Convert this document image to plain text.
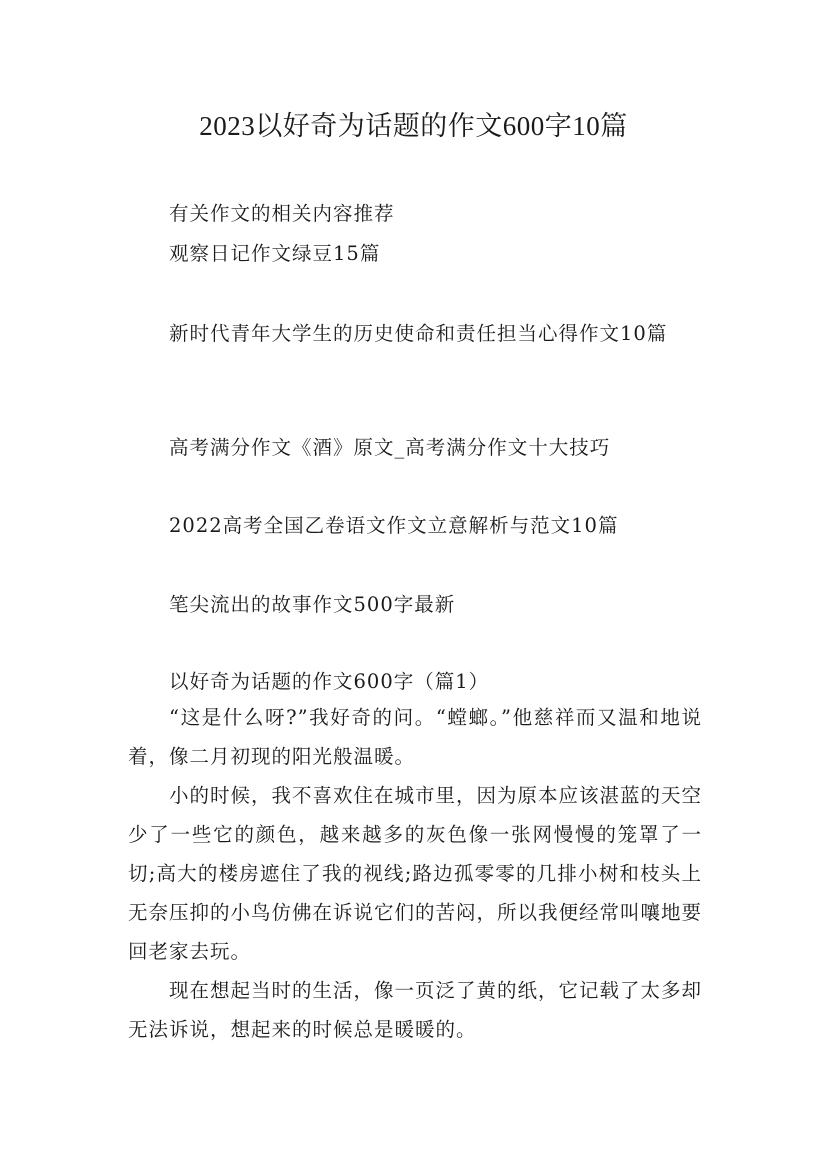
2023以好奇为话题的作文600字10篇
有关作文的相关内容推荐
观察日记作文绿豆15篇
新时代青年大学生的历史使命和责任担当心得作文10篇
高考满分作文《酒》原文_高考满分作文十大技巧
2022高考全国乙卷语文作文立意解析与范文10篇
笔尖流出的故事作文500字最新
以好奇为话题的作文600字（篇1）
“这是什么呀?”我好奇的问。“螳螂。”他慈祥而又温和地说着，像二月初现的阳光般温暖。
小的时候，我不喜欢住在城市里，因为原本应该湛蓝的天空少了一些它的颜色，越来越多的灰色像一张网慢慢的笼罩了一切;高大的楼房遮住了我的视线;路边孤零零的几排小树和枝头上无奈压抑的小鸟仿佛在诉说它们的苦闷，所以我便经常叫嚷地要回老家去玩。
现在想起当时的生活，像一页泛了黄的纸，它记载了太多却无法诉说，想起来的时候总是暖暖的。
